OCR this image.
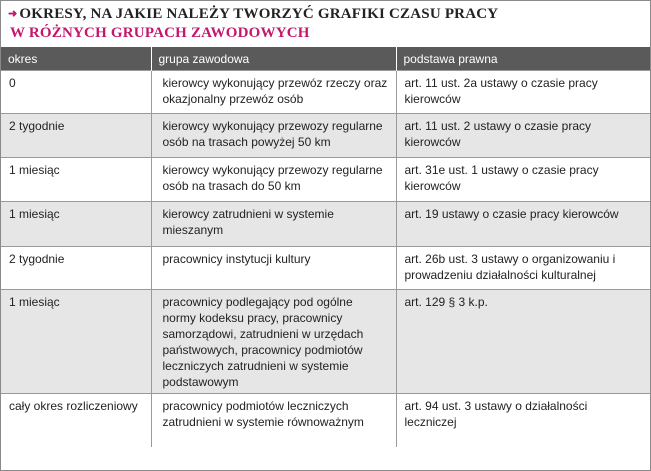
➜ OKRESY, NA JAKIE NALEŻY TWORZYĆ GRAFIKI CZASU PRACY
W RÓŻNYCH GRUPACH ZAWODOWYCH
okres	grupa zawodowa	podstawa prawna
0	kierowcy wykonujący przewóz rzeczy oraz okazjonalny przewóz osób	art. 11 ust. 2a ustawy o czasie pracy kierowców
2 tygodnie	kierowcy wykonujący przewozy regularne osób na trasach powyżej 50 km	art. 11 ust. 2 ustawy o czasie pracy kierowców
1 miesiąc	kierowcy wykonujący przewozy regularne osób na trasach do 50 km	art. 31e ust. 1 ustawy o czasie pracy kierowców
1 miesiąc	kierowcy zatrudnieni w systemie mieszanym	art. 19 ustawy o czasie pracy kierowców
2 tygodnie	pracownicy instytucji kultury	art. 26b ust. 3 ustawy o organizowaniu i prowadzeniu działalności kulturalnej
1 miesiąc	pracownicy podlegający pod ogólne normy kodeksu pracy, pracownicy samorządowi, zatrudnieni w urzędach państwowych, pracownicy podmiotów leczniczych zatrudnieni w systemie podstawowym	art. 129 § 3 k.p.
cały okres rozliczeniowy	pracownicy podmiotów leczniczych zatrudnieni w systemie równoważnym	art. 94 ust. 3 ustawy o działalności leczniczej
